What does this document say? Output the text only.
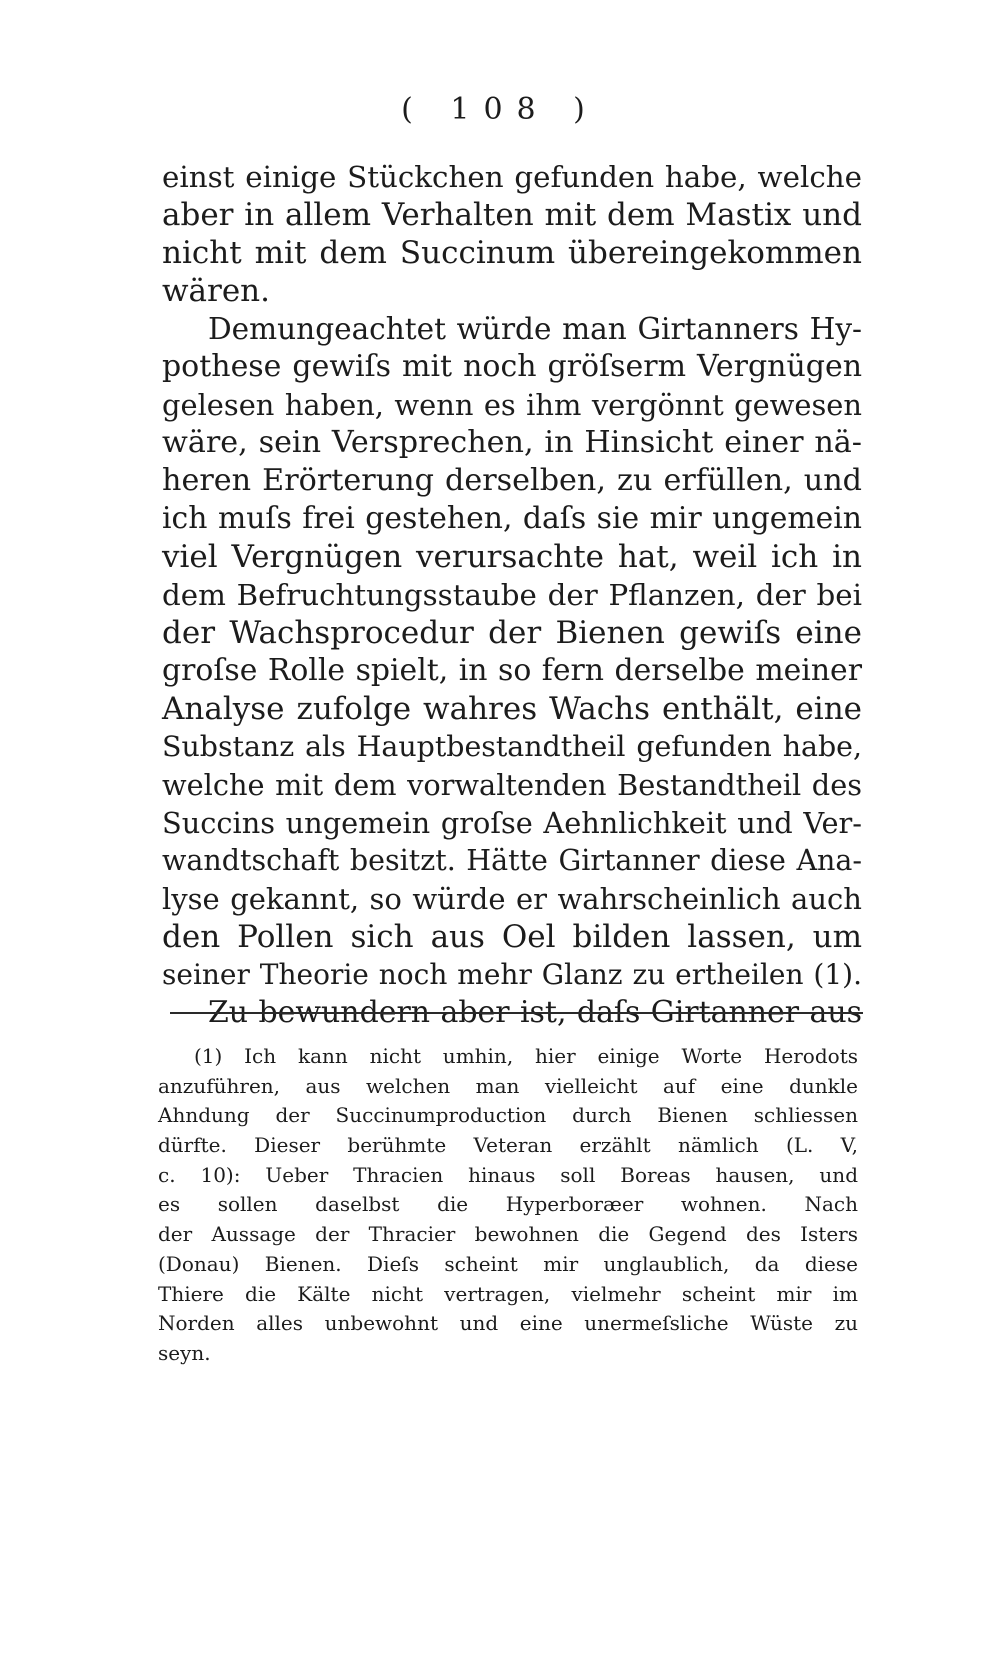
( 108 )
einst einige Stückchen gefunden habe, welche
aber in allem Verhalten mit dem Mastix und
nicht mit dem Succinum übereingekommen
wären.
Demungeachtet würde man Girtanners Hy-
pothese gewiſs mit noch gröſserm Vergnügen
gelesen haben, wenn es ihm vergönnt gewesen
wäre, sein Versprechen, in Hinsicht einer nä-
heren Erörterung derselben, zu erfüllen, und
ich muſs frei gestehen, daſs sie mir ungemein
viel Vergnügen verursachte hat, weil ich in
dem Befruchtungsstaube der Pflanzen, der bei
der Wachsprocedur der Bienen gewiſs eine
groſse Rolle spielt, in so fern derselbe meiner
Analyse zufolge wahres Wachs enthält, eine
Substanz als Hauptbestandtheil gefunden habe,
welche mit dem vorwaltenden Bestandtheil des
Succins ungemein groſse Aehnlichkeit und Ver-
wandtschaft besitzt. Hätte Girtanner diese Ana-
lyse gekannt, so würde er wahrscheinlich auch
den Pollen sich aus Oel bilden lassen, um
seiner Theorie noch mehr Glanz zu ertheilen (1).
Zu bewundern aber ist, daſs Girtanner aus
(1) Ich kann nicht umhin, hier einige Worte Herodots
anzuführen, aus welchen man vielleicht auf eine dunkle
Ahndung der Succinumproduction durch Bienen schliessen
dürfte. Dieser berühmte Veteran erzählt nämlich (L. V,
c. 10): Ueber Thracien hinaus soll Boreas hausen, und
es sollen daselbst die Hyperboræer wohnen. Nach
der Aussage der Thracier bewohnen die Gegend des Isters
(Donau) Bienen. Dieſs scheint mir unglaublich, da diese
Thiere die Kälte nicht vertragen, vielmehr scheint mir im
Norden alles unbewohnt und eine unermeſsliche Wüste zu
seyn.
